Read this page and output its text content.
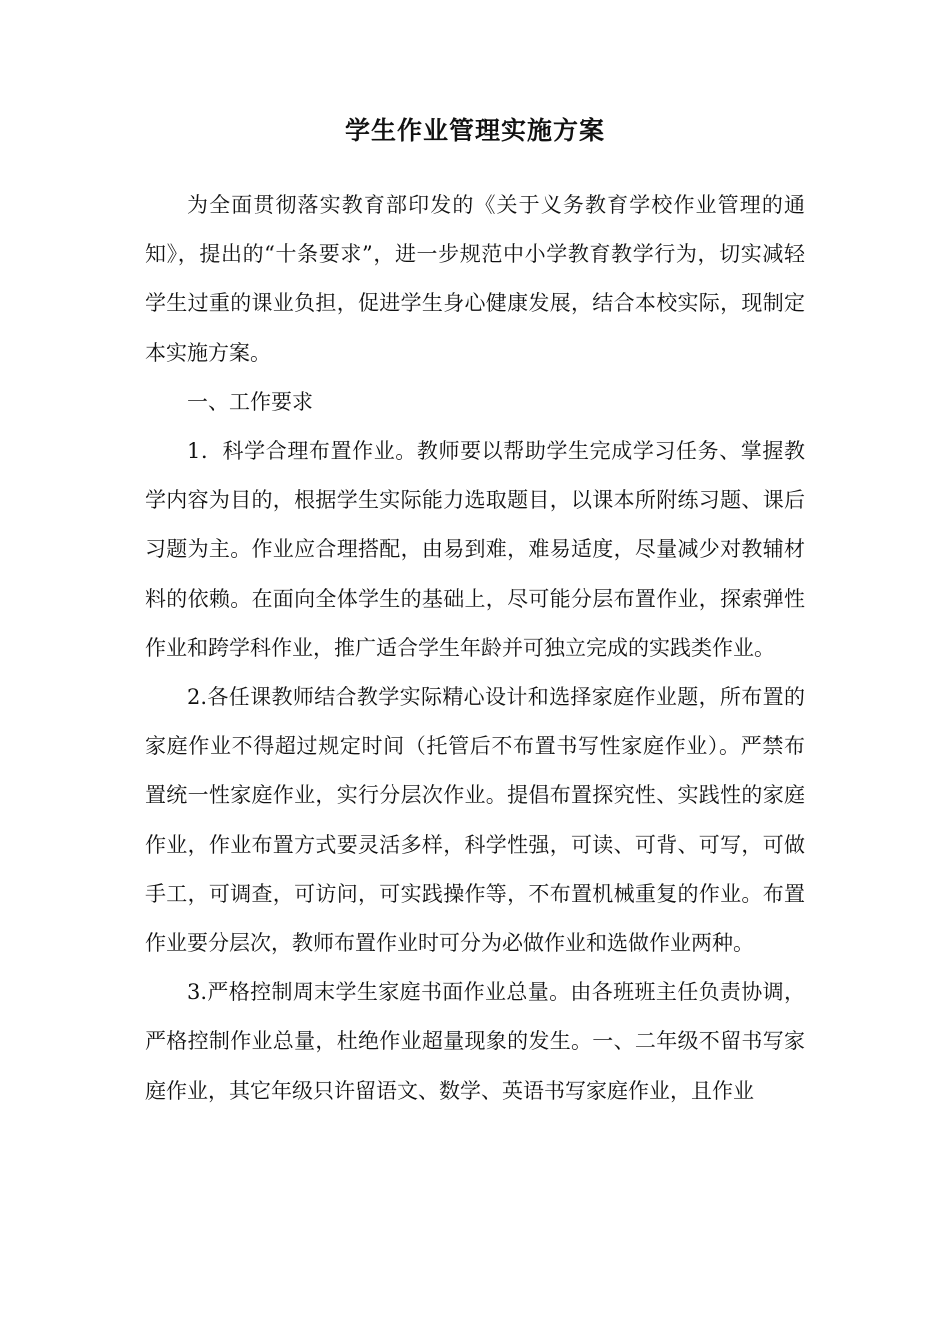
学生作业管理实施方案

为全面贯彻落实教育部印发的《关于义务教育学校作业管理的通知》，提出的“十条要求”，进一步规范中小学教育教学行为，切实减轻学生过重的课业负担，促进学生身心健康发展，结合本校实际，现制定本实施方案。

一、工作要求

1．科学合理布置作业。教师要以帮助学生完成学习任务、掌握教学内容为目的，根据学生实际能力选取题目，以课本所附练习题、课后习题为主。作业应合理搭配，由易到难，难易适度，尽量减少对教辅材料的依赖。在面向全体学生的基础上，尽可能分层布置作业，探索弹性作业和跨学科作业，推广适合学生年龄并可独立完成的实践类作业。

2.各任课教师结合教学实际精心设计和选择家庭作业题，所布置的家庭作业不得超过规定时间（托管后不布置书写性家庭作业）。严禁布置统一性家庭作业，实行分层次作业。提倡布置探究性、实践性的家庭作业，作业布置方式要灵活多样，科学性强，可读、可背、可写，可做手工，可调查，可访问，可实践操作等，不布置机械重复的作业。布置作业要分层次，教师布置作业时可分为必做作业和选做作业两种。

3.严格控制周末学生家庭书面作业总量。由各班班主任负责协调，严格控制作业总量，杜绝作业超量现象的发生。一、二年级不留书写家庭作业，其它年级只许留语文、数学、英语书写家庭作业，且作业
